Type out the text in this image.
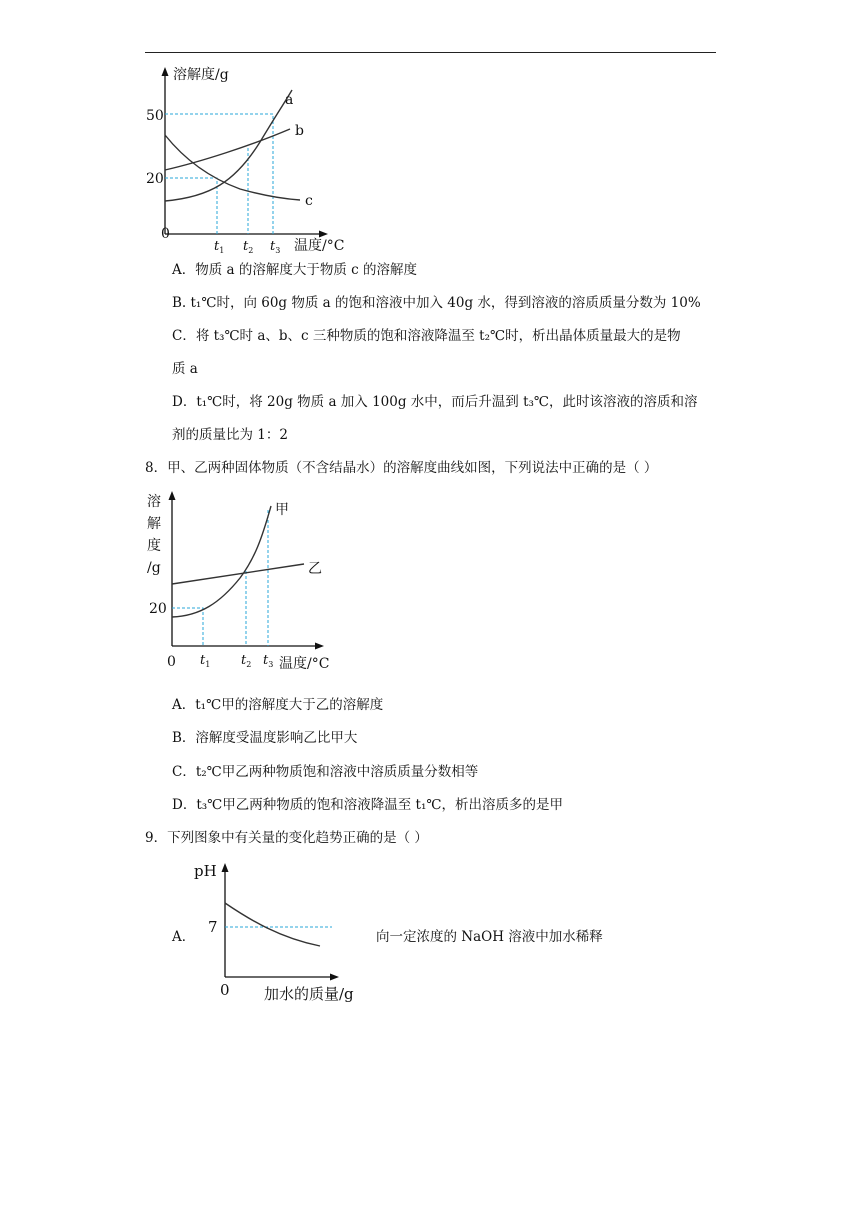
溶解度/g
50
20
0
a
b
c
$t_1$ $t_2$ $t_3$ 温度/°C
A．物质 a 的溶解度大于物质 c 的溶解度
B. t₁℃时，向 60g 物质 a 的饱和溶液中加入 40g 水，得到溶液的溶质质量分数为 10%
C．将 t₃℃时 a、b、c 三种物质的饱和溶液降温至 t₂℃时，析出晶体质量最大的是物
质 a
D．t₁℃时，将 20g 物质 a 加入 100g 水中，而后升温到 t₃℃，此时该溶液的溶质和溶
剂的质量比为 1：2
8．甲、乙两种固体物质（不含结晶水）的溶解度曲线如图，下列说法中正确的是（ ）
溶
解
度
/g
20
0
甲
乙
$t_1$ $t_2$ $t_3$ 温度/°C
A．t₁℃甲的溶解度大于乙的溶解度
B．溶解度受温度影响乙比甲大
C．t₂℃甲乙两种物质饱和溶液中溶质质量分数相等
D．t₃℃甲乙两种物质的饱和溶液降温至 t₁℃，析出溶质多的是甲
9．下列图象中有关量的变化趋势正确的是（ ）
pH
7
0 加水的质量/g
A．	向一定浓度的 NaOH 溶液中加水稀释
